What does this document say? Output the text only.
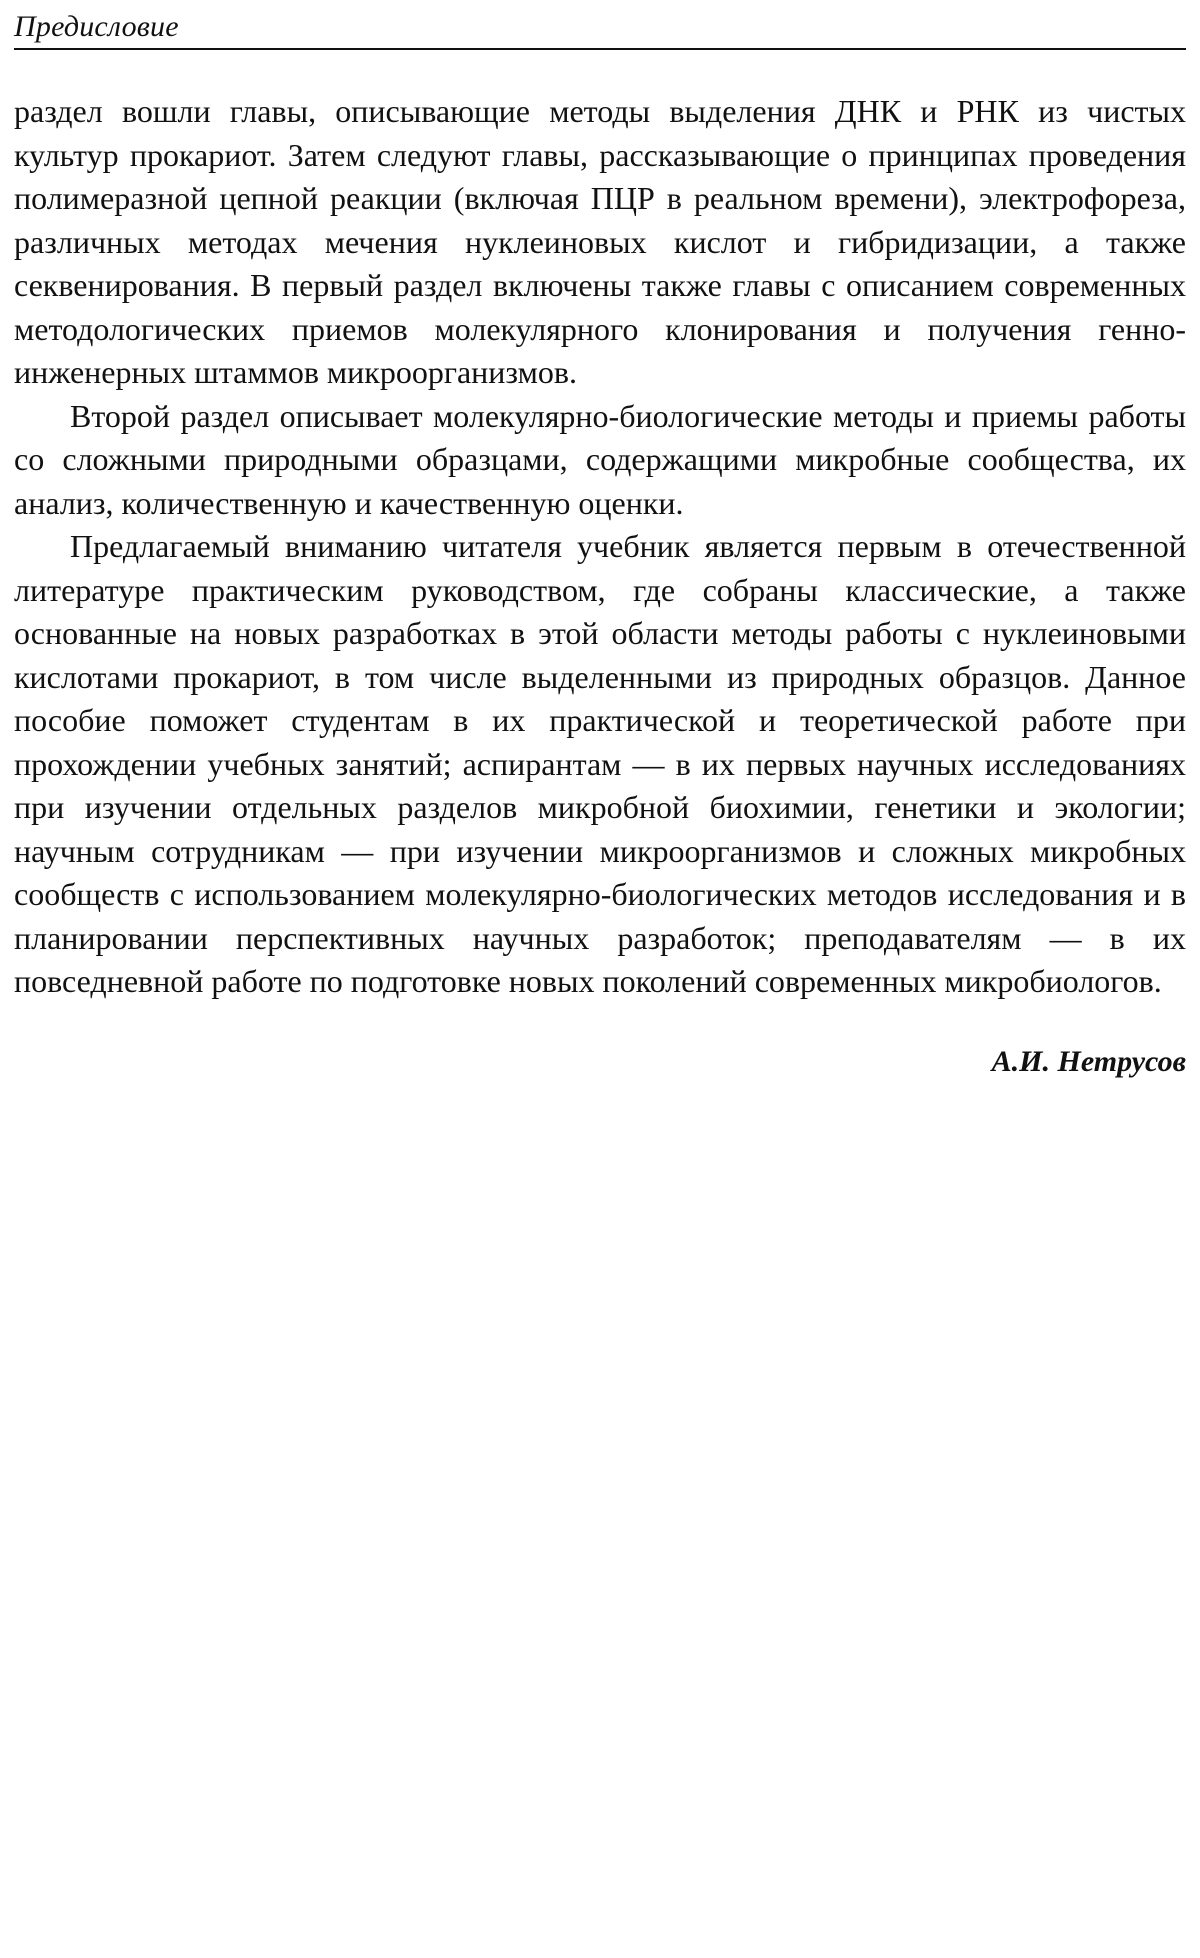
Предисловие

раздел вошли главы, описывающие методы выделения ДНК и РНК из чистых культур прокариот. Затем следуют главы, рассказывающие о принципах проведения полимеразной цепной реакции (включая ПЦР в реальном времени), электрофореза, различных методах мечения нуклеиновых кислот и гибридизации, а также секвенирования. В первый раздел включены также главы с описанием современных методологических приемов молекулярного клонирования и получения генно-инженерных штаммов микроорганизмов.

Второй раздел описывает молекулярно-биологические методы и приемы работы со сложными природными образцами, содержащими микробные сообщества, их анализ, количественную и качественную оценки.

Предлагаемый вниманию читателя учебник является первым в отечественной литературе практическим руководством, где собраны классические, а также основанные на новых разработках в этой области методы работы с нуклеиновыми кислотами прокариот, в том числе выделенными из природных образцов. Данное пособие поможет студентам в их практической и теоретической работе при прохождении учебных занятий; аспирантам — в их первых научных исследованиях при изучении отдельных разделов микробной биохимии, генетики и экологии; научным сотрудникам — при изучении микроорганизмов и сложных микробных сообществ с использованием молекулярно-биологических методов исследования и в планировании перспективных научных разработок; преподавателям — в их повседневной работе по подготовке новых поколений современных микробиологов.

А.И. Нетрусов
